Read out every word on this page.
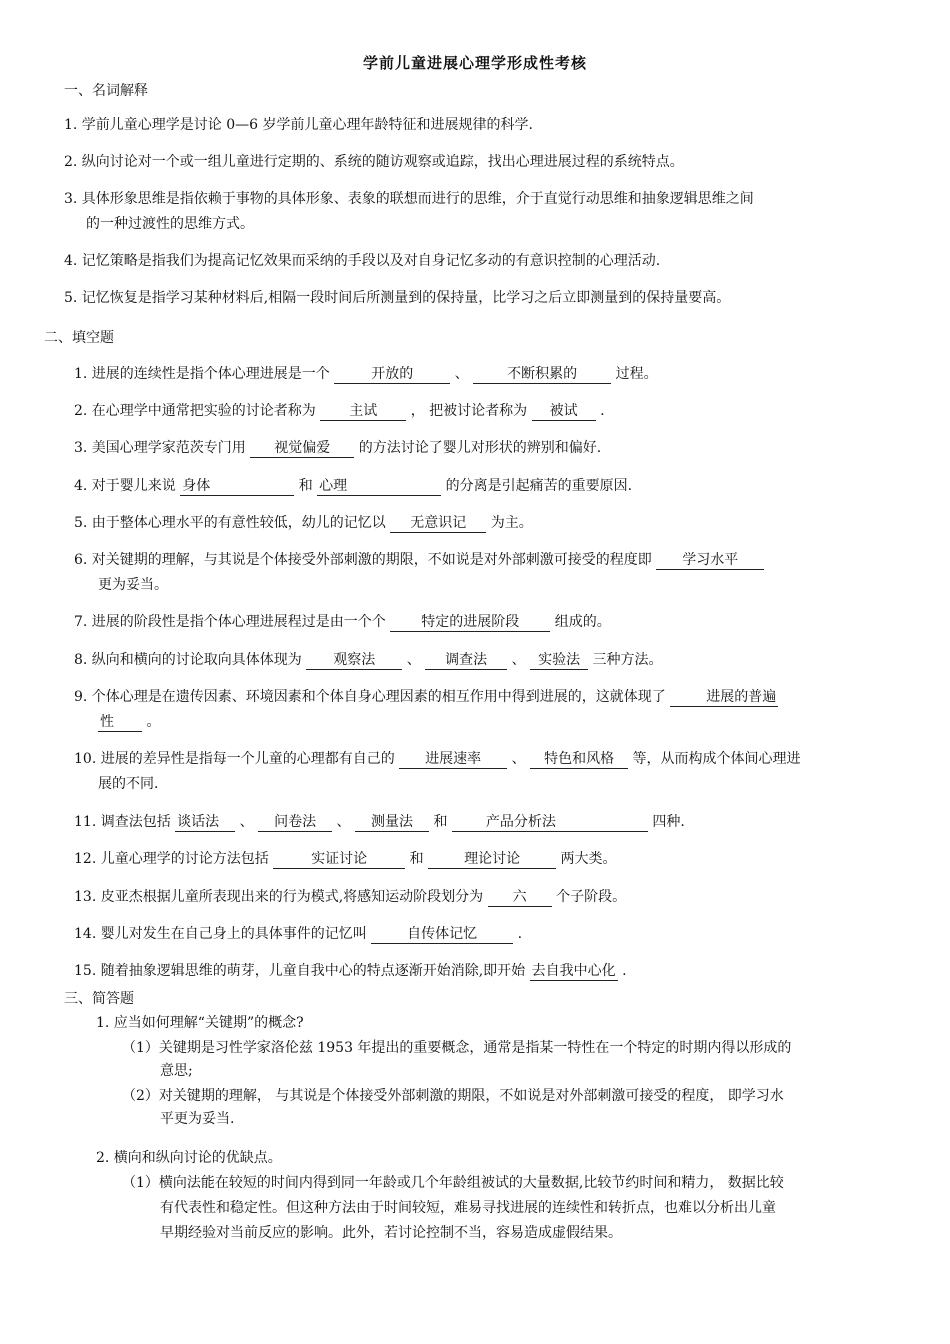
学前儿童进展心理学形成性考核
一、名词解释
1. 学前儿童心理学是讨论 0—6 岁学前儿童心理年龄特征和进展规律的科学.
2. 纵向讨论对一个或一组儿童进行定期的、系统的随访观察或追踪，找出心理进展过程的系统特点。
3. 具体形象思维是指依赖于事物的具体形象、表象的联想而进行的思维，介于直觉行动思维和抽象逻辑思维之间
的一种过渡性的思维方式。
4. 记忆策略是指我们为提高记忆效果而采纳的手段以及对自身记忆多动的有意识控制的心理活动.
5. 记忆恢复是指学习某种材料后,相隔一段时间后所测量到的保持量，比学习之后立即测量到的保持量要高。
二、填空题
1. 进展的连续性是指个体心理进展是一个	开放的	、	不断积累的	过程。
2. 在心理学中通常把实验的讨论者称为 主试 ， 把被讨论者称为 被试 .
3. 美国心理学家范茨专门用 视觉偏爱 的方法讨论了婴儿对形状的辨别和偏好.
4. 对于婴儿来说 身体	和 心理	的分离是引起痛苦的重要原因.
5. 由于整体心理水平的有意性较低，幼儿的记忆以 无意识记 为主。
6. 对关键期的理解，与其说是个体接受外部刺激的期限，不如说是对外部刺激可接受的程度即 学习水平
更为妥当。
7. 进展的阶段性是指个体心理进展程过是由一个个	特定的进展阶段	组成的。
8. 纵向和横向的讨论取向具体体现为 观察法 、 调查法 、 实验法 三种方法。
9. 个体心理是在遗传因素、环境因素和个体自身心理因素的相互作用中得到进展的，这就体现了	进展的普遍
性 。
10. 进展的差异性是指每一个儿童的心理都有自己的 进展速率 、 特色和风格 等，从而构成个体间心理进
展的不同.
11. 调查法包括 谈话法 、 问卷法 、 测量法 和	产品分析法	四种.
12. 儿童心理学的讨论方法包括	实证讨论	和	理论讨论	两大类。
13. 皮亚杰根据儿童所表现出来的行为模式,将感知运动阶段划分为 六 个子阶段。
14. 婴儿对发生在自己身上的具体事件的记忆叫	自传体记忆	.
15. 随着抽象逻辑思维的萌芽，儿童自我中心的特点逐渐开始消除,即开始 去自我中心化 .
三、简答题
1. 应当如何理解“关键期”的概念?
（1）关键期是习性学家洛伦兹 1953 年提出的重要概念，通常是指某一特性在一个特定的时期内得以形成的
意思;
（2）对关键期的理解， 与其说是个体接受外部刺激的期限，不如说是对外部刺激可接受的程度， 即学习水
平更为妥当.
2. 横向和纵向讨论的优缺点。
（1）横向法能在较短的时间内得到同一年龄或几个年龄组被试的大量数据,比较节约时间和精力， 数据比较
有代表性和稳定性。但这种方法由于时间较短，难易寻找进展的连续性和转折点，也难以分析出儿童
早期经验对当前反应的影响。此外，若讨论控制不当，容易造成虚假结果。
